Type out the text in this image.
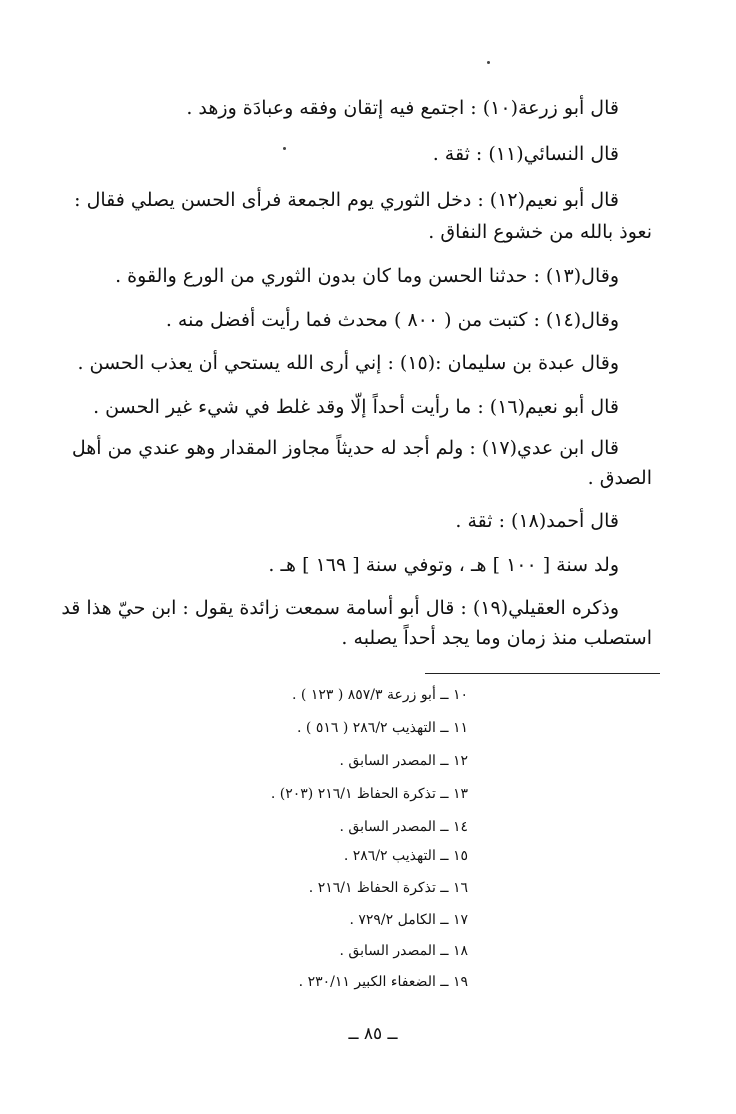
قال أبو زرعة(١٠) : اجتمع فيه إتقان وفقه وعبادَة وزهد .
قال النسائي(١١) : ثقة .
قال أبو نعيم(١٢) : دخل الثوري يوم الجمعة فرأى الحسن يصلي فقال :
نعوذ بالله من خشوع النفاق .
وقال(١٣) : حدثنا الحسن وما كان بدون الثوري من الورع والقوة .
وقال(١٤) : كتبت من ( ٨٠٠ ) محدث فما رأيت أفضل منه .
وقال عبدة بن سليمان :(١٥) : إني أرى الله يستحي أن يعذب الحسن .
قال أبو نعيم(١٦) : ما رأيت أحداً إلّا وقد غلط في شيء غير الحسن .
قال ابن عدي(١٧) : ولم أجد له حديثاً مجاوز المقدار وهو عندي من أهل
الصدق .
قال أحمد(١٨) : ثقة .
ولد سنة [ ١٠٠ ] هـ ، وتوفي سنة [ ١٦٩ ] هـ .
وذكره العقيلي(١٩) : قال أبو أسامة سمعت زائدة يقول : ابن حيّ هذا قد
استصلب منذ زمان وما يجد أحداً يصلبه .
١٠ ــ أبو زرعة ٨٥٧/٣ ( ١٢٣ ) .
١١ ــ التهذيب ٢٨٦/٢ ( ٥١٦ ) .
١٢ ــ المصدر السابق .
١٣ ــ تذكرة الحفاظ ٢١٦/١ (٢٠٣) .
١٤ ــ المصدر السابق .
١٥ ــ التهذيب ٢٨٦/٢ .
١٦ ــ تذكرة الحفاظ ٢١٦/١ .
١٧ ــ الكامل ٧٢٩/٢ .
١٨ ــ المصدر السابق .
١٩ ــ الضعفاء الكبير ٢٣٠/١١ .
ــ ٨٥ ــ
